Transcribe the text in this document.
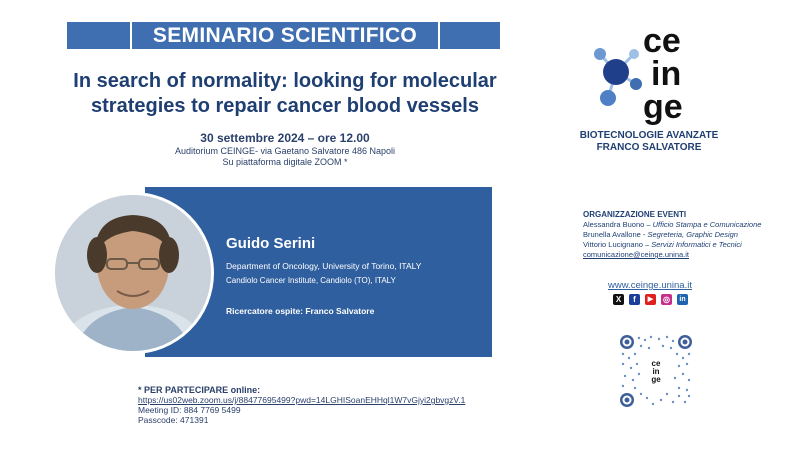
SEMINARIO SCIENTIFICO
In search of normality: looking for molecular
strategies to repair cancer blood vessels
30 settembre 2024 – ore 12.00
Auditorium CEINGE- via Gaetano Salvatore 486 Napoli
Su piattaforma digitale ZOOM *
Guido Serini
Department of Oncology, University of Torino, ITALY
Candiolo Cancer Institute, Candiolo (TO), ITALY
Ricercatore ospite: Franco Salvatore
* PER PARTECIPARE online:
https://us02web.zoom.us/j/88477695499?pwd=14LGHISoanEHHql1W7vGjyi2gbvgzV.1
Meeting ID: 884 7769 5499
Passcode: 471391
ce
in
ge
BIOTECNOLOGIE AVANZATE
FRANCO SALVATORE
ORGANIZZAZIONE EVENTI
Alessandra Buono – Ufficio Stampa e Comunicazione
Brunella Avallone - Segreteria, Graphic Design
Vittorio Lucignano – Servizi Informatici e Tecnici
comunicazione@ceinge.unina.it
www.ceinge.unina.it
X	f	▶	◎	in
ce
in
ge
